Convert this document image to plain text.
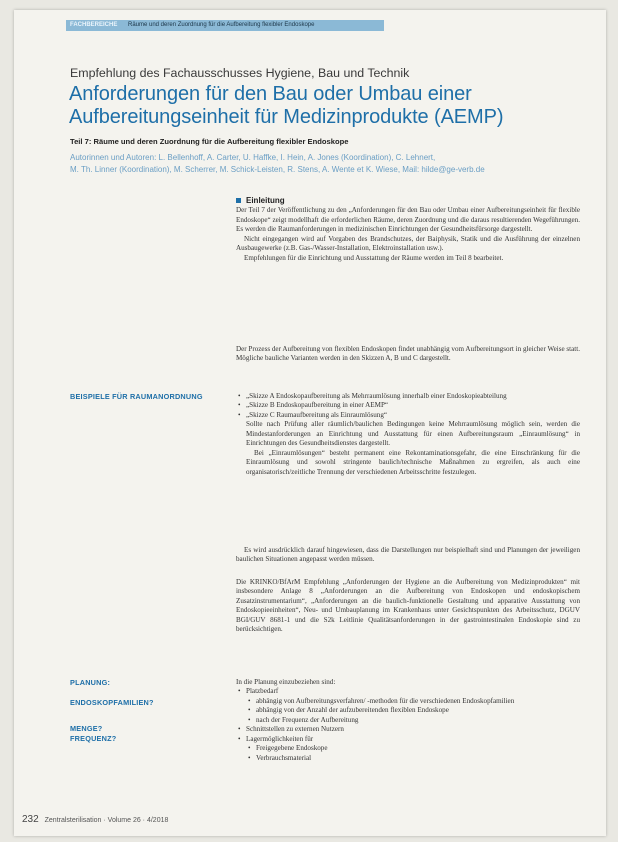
FACHBEREICHE Räume und deren Zuordnung für die Aufbereitung flexibler Endoskope
Empfehlung des Fachausschusses Hygiene, Bau und Technik
Anforderungen für den Bau oder Umbau einer
Aufbereitungseinheit für Medizinprodukte (AEMP)
Teil 7: Räume und deren Zuordnung für die Aufbereitung flexibler Endoskope
Autorinnen und Autoren: L. Bellenhoff, A. Carter, U. Haffke, I. Hein, A. Jones (Koordination), C. Lehnert,
M. Th. Linner (Koordination), M. Scherrer, M. Schick-Leisten, R. Stens, A. Wente et K. Wiese, Mail: hilde@ge-verb.de
Einleitung

Der Teil 7 der Veröffentlichung zu den „Anforderungen für den Bau oder Umbau einer Aufbereitungseinheit für flexible Endoskope“ zeigt modellhaft die erforderlichen Räume, deren Zuordnung und die daraus resultierenden Wegeführungen. Es werden die Raumanforderungen in medizinischen Einrichtungen der Gesundheitsfürsorge dargestellt.

Nicht eingegangen wird auf Vorgaben des Brandschutzes, der Baiphysik, Statik und die Ausführung der einzelnen Ausbaugewerke (z.B. Gas-/Wasser-Installation, Elektroinstallation usw.).

Empfehlungen für die Einrichtung und Ausstattung der Räume werden im Teil 8 bearbeitet.

Der Prozess der Aufbereitung von flexiblen Endoskopen findet unabhängig vom Aufbereitungsort in gleicher Weise statt. Mögliche bauliche Varianten werden in den Skizzen A, B und C dargestellt.

BEISPIELE FÜR RAUMANORDNUNG
•	„Skizze A Endoskopaufbereitung als Mehrraumlösung innerhalb einer Endoskopieabteilung
• „Skizze B Endoskopaufbereitung in einer AEMP“
• „Skizze C Raumaufbereitung als Einraumlösung“
Sollte nach Prüfung aller räumlich/baulichen Bedingungen keine Mehrraumlösung möglich sein, werden die Mindestanforderungen an Einrichtung und Ausstattung für einen Aufbereitungsraum „Einraumlösung“ in Einrichtungen des Gesundheitsdienstes dargestellt.
Bei „Einraumlösungen“ besteht permanent eine Rekontaminationsgefahr, die eine Einschränkung für die Einraumlösung und sowohl stringente baulich/technische Maßnahmen zu ergreifen, als auch eine organisatorisch/zeitliche Trennung der verschiedenen Arbeitsschritte festzulegen.

Es wird ausdrücklich darauf hingewiesen, dass die Darstellungen nur beispielhaft sind und Planungen der jeweiligen baulichen Situationen angepasst werden müssen.

Die KRINKO/BfArM Empfehlung „Anforderungen der Hygiene an die Aufbereitung von Medizinprodukten“ mit insbesondere Anlage 8 „Anforderungen an die Aufbereitung von Endoskopen und endoskopischem Zusatzinstrumentarium“, „Anforderungen an die baulich-funktionelle Gestaltung und apparative Ausstattung von Endoskopieeinheiten“, Neu- und Umbauplanung im Krankenhaus unter Gesichtspunkten des Arbeitsschutz, DGUV BGI/GUV 8681-1 und die S2k Leitlinie Qualitätsanforderungen in der gastrointestinalen Endoskopie sind zu berücksichtigen.

PLANUNG:
ENDOSKOPFAMILIEN?
MENGE?
FREQUENZ?

In die Planung einzubeziehen sind:

• Platzbedarf
• abhängig von Aufbereitungsverfahren/ -methoden für die verschiedenen Endoskopfamilien
• abhängig von der Anzahl der aufzubereitenden flexiblen Endoskope
• nach der Frequenz der Aufbereitung
• Schnittstellen zu externen Nutzern
• Lagermöglichkeiten für
• Freigegebene Endoskope
• Verbrauchsmaterial
232 Zentralsterilisation · Volume 26 · 4/2018
